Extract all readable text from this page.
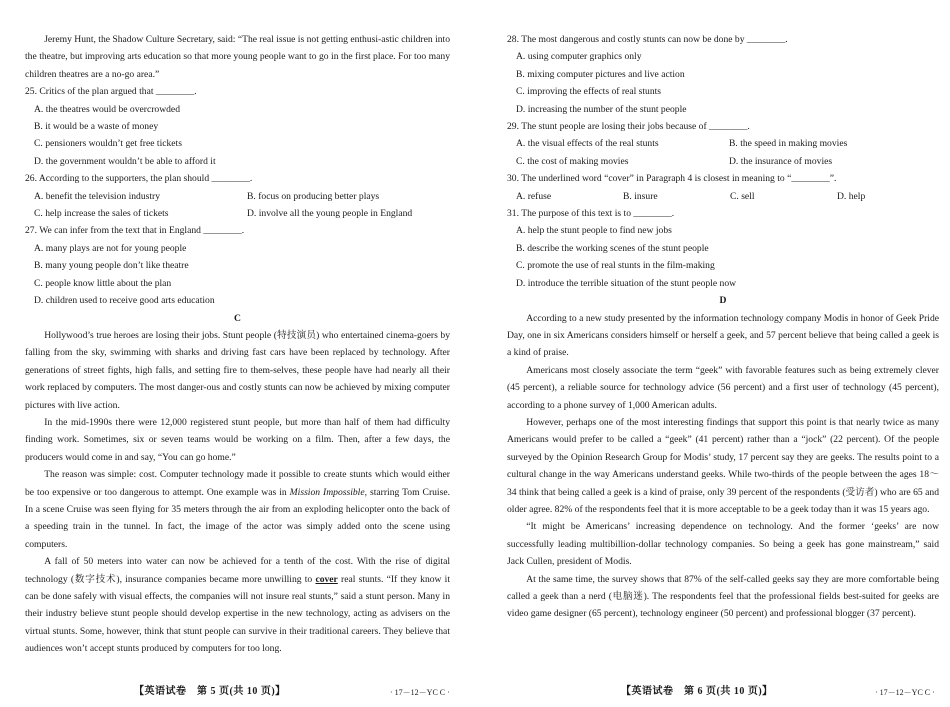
Jeremy Hunt, the Shadow Culture Secretary, said: “The real issue is not getting enthusi-astic children into the theatre, but improving arts education so that more young people want to go in the first place. For too many children theatres are a no-go area.”

25. Critics of the plan argued that ________.

A. the theatres would be overcrowded

B. it would be a waste of money

C. pensioners wouldn’t get free tickets

D. the government wouldn’t be able to afford it

26. According to the supporters, the plan should ________.

A. benefit the television industry	B. focus on producing better plays
C. help increase the sales of tickets	D. involve all the young people in England

27. We can infer from the text that in England ________.

A. many plays are not for young people

B. many young people don’t like theatre

C. people know little about the plan

D. children used to receive good arts education

C

Hollywood’s true heroes are losing their jobs. Stunt people (特技演员) who entertained cinema-goers by falling from the sky, swimming with sharks and driving fast cars have been replaced by technology. After generations of street fights, high falls, and setting fire to them-selves, these people have had nearly all their work replaced by computers. The most danger-ous and costly stunts can now be achieved by mixing computer pictures with live action.

In the mid-1990s there were 12,000 registered stunt people, but more than half of them had difficulty finding work. Sometimes, six or seven teams would be working on a film. Then, after a few days, the producers would come in and say, “You can go home.”

The reason was simple: cost. Computer technology made it possible to create stunts which would either be too expensive or too dangerous to attempt. One example was in Mission Impossible, starring Tom Cruise. In a scene Cruise was seen flying for 35 meters through the air from an exploding helicopter onto the back of a speeding train in the tunnel. In fact, the image of the actor was simply added onto the scene using computers.

A fall of 50 meters into water can now be achieved for a tenth of the cost. With the rise of digital technology (数字技术), insurance companies became more unwilling to cover real stunts. “If they know it can be done safely with visual effects, the companies will not insure real stunts,” said a stunt person. Many in their industry believe stunt people should develop expertise in the new technology, acting as advisers on the virtual stunts. Some, however, think that stunt people can survive in their traditional careers. They believe that audiences won’t accept stunts produced by computers for too long.

28. The most dangerous and costly stunts can now be done by ________.

A. using computer graphics only

B. mixing computer pictures and live action

C. improving the effects of real stunts

D. increasing the number of the stunt people

29. The stunt people are losing their jobs because of ________.

A. the visual effects of the real stunts	B. the speed in making movies
C. the cost of making movies	D. the insurance of movies

30. The underlined word “cover” in Paragraph 4 is closest in meaning to “________”.

A. refuse	B. insure	C. sell	D. help

31. The purpose of this text is to ________.

A. help the stunt people to find new jobs

B. describe the working scenes of the stunt people

C. promote the use of real stunts in the film-making

D. introduce the terrible situation of the stunt people now

D

According to a new study presented by the information technology company Modis in honor of Geek Pride Day, one in six Americans considers himself or herself a geek, and 57 percent believe that being called a geek is a kind of praise.

Americans most closely associate the term “geek” with favorable features such as being extremely clever (45 percent), a reliable source for technology advice (56 percent) and a first user of technology (45 percent), according to a phone survey of 1,000 American adults.

However, perhaps one of the most interesting findings that support this point is that nearly twice as many Americans would prefer to be called a “geek” (41 percent) rather than a “jock” (22 percent). Of the people surveyed by the Opinion Research Group for Modis’ study, 17 percent say they are geeks. The results point to a cultural change in the way Americans understand geeks. While two-thirds of the people between the ages 18～34 think that being called a geek is a kind of praise, only 39 percent of the respondents (受访者) who are 65 and older agree. 82% of the respondents feel that it is more acceptable to be a geek today than it was 15 years ago.

“It might be Americans’ increasing dependence on technology. And the former ‘geeks’ are now successfully leading multibillion-dollar technology companies. So being a geek has gone mainstream,” said Jack Cullen, president of Modis.

At the same time, the survey shows that 87% of the self-called geeks say they are more comfortable being called a geek than a nerd (电脑迷). The respondents feel that the professional fields best-suited for geeks are video game designer (65 percent), technology engineer (50 percent) and professional blogger (37 percent).

【英语试卷　第 5 页(共 10 页)】	· 17－12－YC C ·	【英语试卷　第 6 页(共 10 页)】	· 17－12－YC C ·
